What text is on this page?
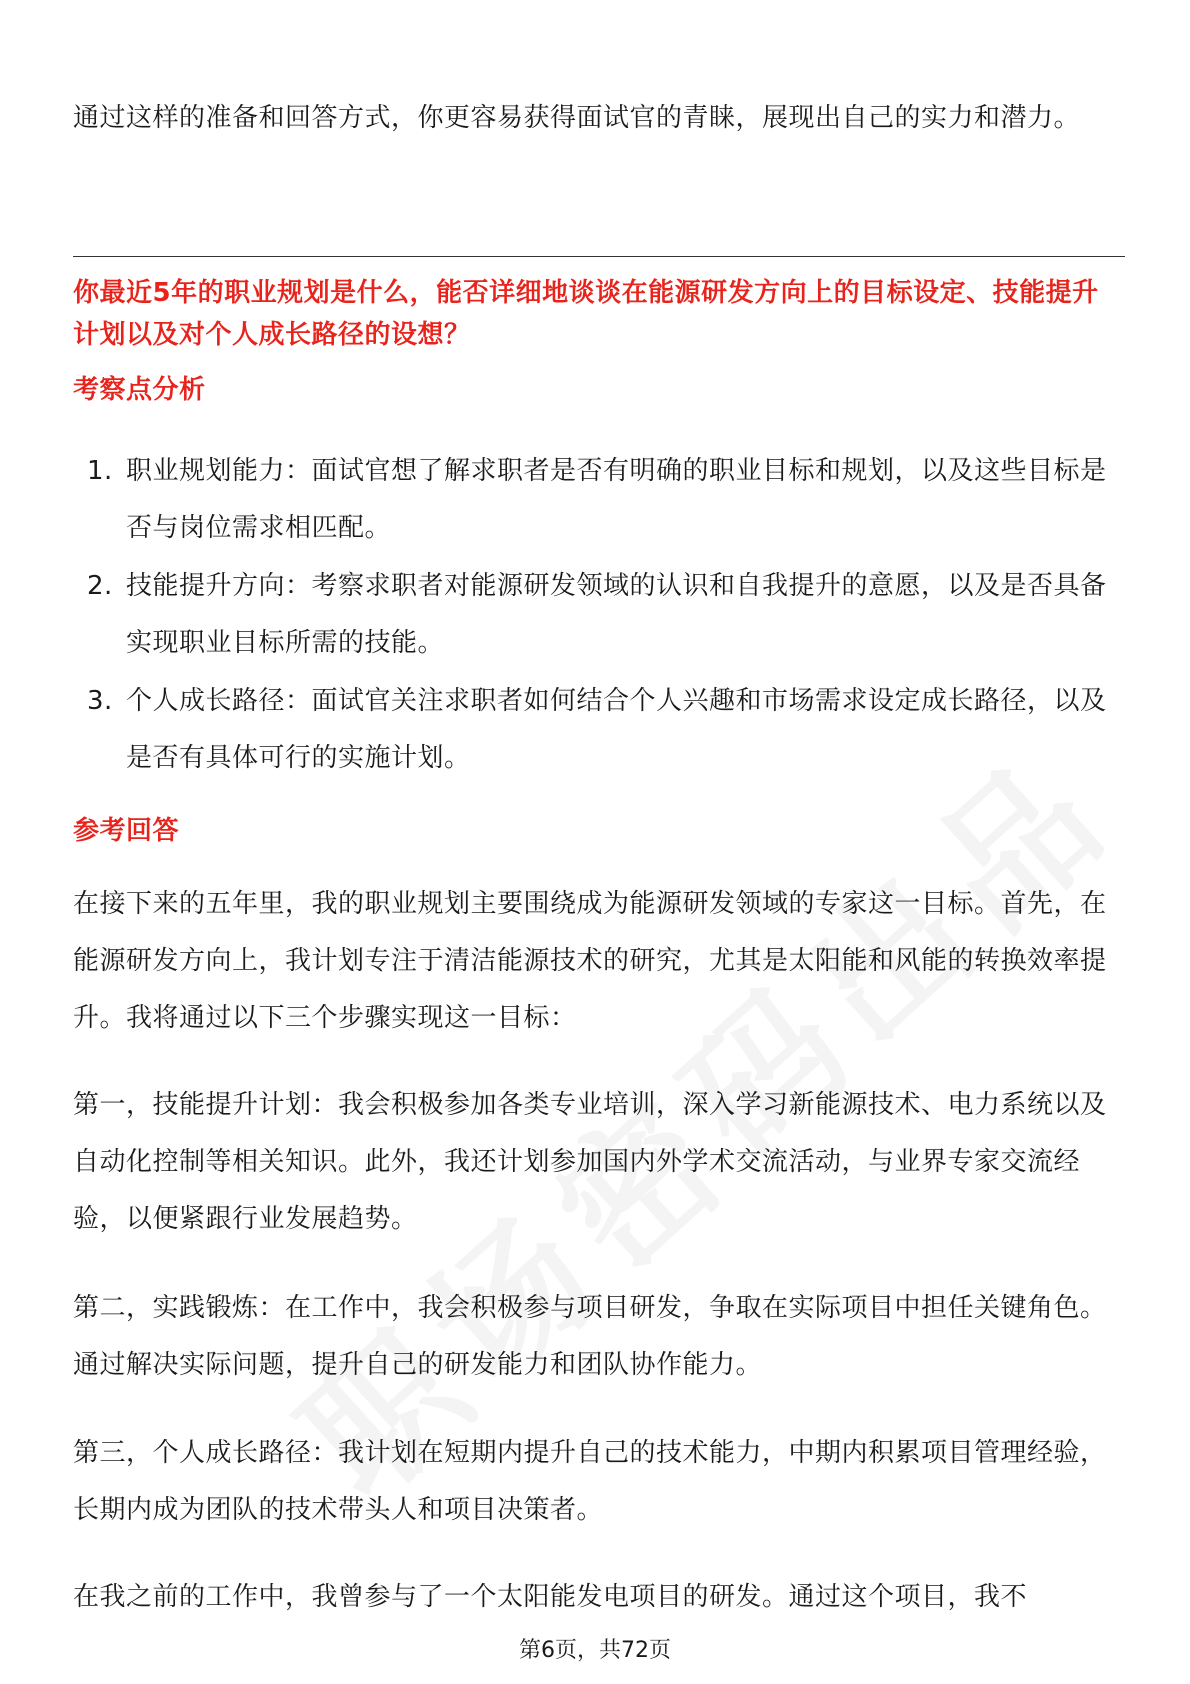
通过这样的准备和回答方式，你更容易获得面试官的青睐，展现出自己的实力和潜力。

你最近5年的职业规划是什么，能否详细地谈谈在能源研发方向上的目标设定、技能提升计划以及对个人成长路径的设想？

考察点分析

1. 职业规划能力：面试官想了解求职者是否有明确的职业目标和规划，以及这些目标是否与岗位需求相匹配。
2. 技能提升方向：考察求职者对能源研发领域的认识和自我提升的意愿，以及是否具备实现职业目标所需的技能。
3. 个人成长路径：面试官关注求职者如何结合个人兴趣和市场需求设定成长路径，以及是否有具体可行的实施计划。

参考回答

在接下来的五年里，我的职业规划主要围绕成为能源研发领域的专家这一目标。首先，在能源研发方向上，我计划专注于清洁能源技术的研究，尤其是太阳能和风能的转换效率提升。我将通过以下三个步骤实现这一目标：

第一，技能提升计划：我会积极参加各类专业培训，深入学习新能源技术、电力系统以及自动化控制等相关知识。此外，我还计划参加国内外学术交流活动，与业界专家交流经验，以便紧跟行业发展趋势。

第二，实践锻炼：在工作中，我会积极参与项目研发，争取在实际项目中担任关键角色。通过解决实际问题，提升自己的研发能力和团队协作能力。

第三，个人成长路径：我计划在短期内提升自己的技术能力，中期内积累项目管理经验，长期内成为团队的技术带头人和项目决策者。

在我之前的工作中，我曾参与了一个太阳能发电项目的研发。通过这个项目，我不

第6页，共72页
